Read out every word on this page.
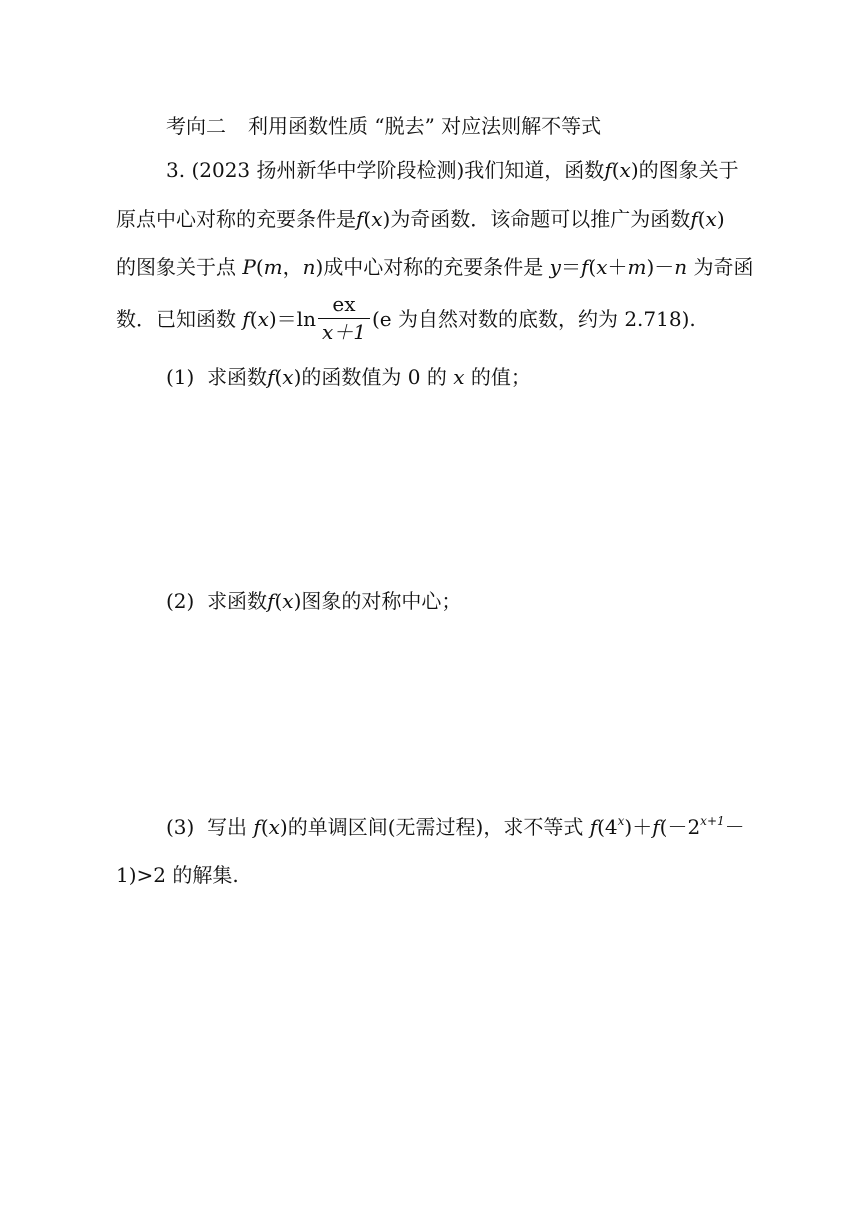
考向二 利用函数性质 “脱去” 对应法则解不等式
3. (2023 扬州新华中学阶段检测)我们知道，函数f(x)的图象关于
原点中心对称的充要条件是f(x)为奇函数．该命题可以推广为函数f(x)
的图象关于点 P(m，n)成中心对称的充要条件是 y＝f(x＋m)－n 为奇函
数．已知函数 $f(x)=\ln \frac{ex}{x+1} (e$ 为自然对数的底数，约为 2.718).
(1) 求函数f(x)的函数值为 0 的 x 的值；
(2) 求函数f(x)图象的对称中心；
(3) 写出 f(x)的单调区间(无需过程)，求不等式 $f(4^x)+f(-2^{x+1}-$
1)>2 的解集.
